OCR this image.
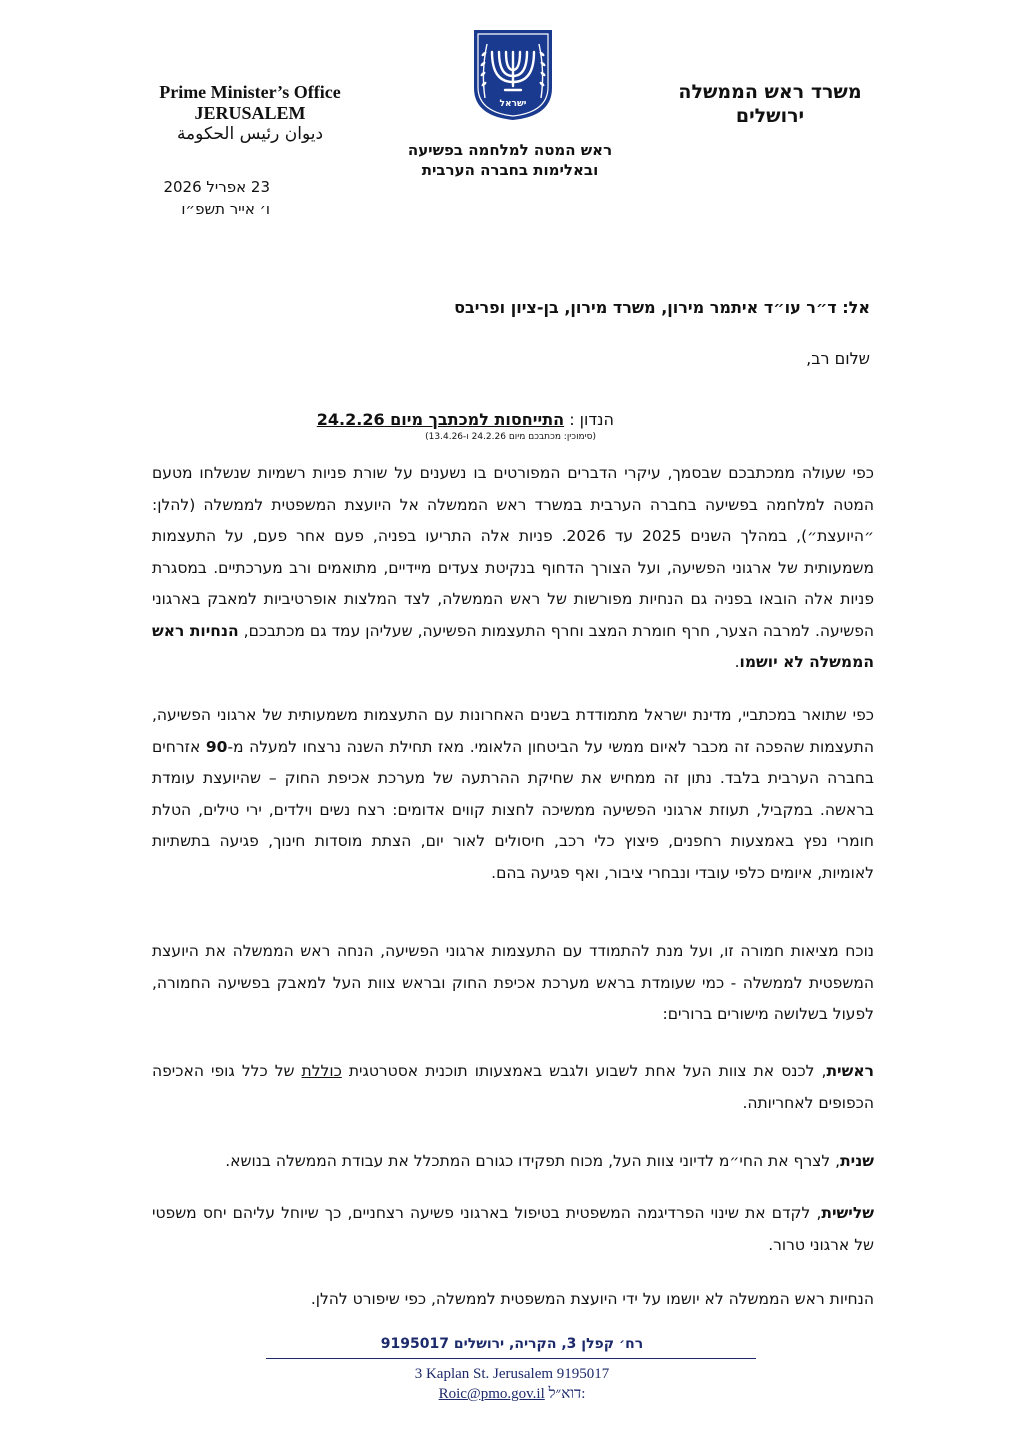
Prime Minister’s Office
JERUSALEM
ديوان رئيس الحكومة
ישראל
משרד ראש הממשלה
ירושלים
ראש המטה למלחמה בפשיעה
ובאלימות בחברה הערבית
23 אפריל 2026
ו׳ אייר תשפ״ו
אל: ד״ר עו״ד איתמר מירון, משרד מירון, בן-ציון ופריבס
שלום רב,
הנדון : התייחסות למכתבך מיום 24.2.26
(סימוכין: מכתבכם מיום 24.2.26 ו-13.4.26)

כפי שעולה ממכתבכם שבסמך, עיקרי הדברים המפורטים בו נשענים על שורת פניות רשמיות שנשלחו מטעם המטה למלחמה בפשיעה בחברה הערבית במשרד ראש הממשלה אל היועצת המשפטית לממשלה (להלן: ״היועצת״), במהלך השנים 2025 עד 2026. פניות אלה התריעו בפניה, פעם אחר פעם, על התעצמות משמעותית של ארגוני הפשיעה, ועל הצורך הדחוף בנקיטת צעדים מיידיים, מתואמים ורב מערכתיים. במסגרת פניות אלה הובאו בפניה גם הנחיות מפורשות של ראש הממשלה, לצד המלצות אופרטיביות למאבק בארגוני הפשיעה. למרבה הצער, חרף חומרת המצב וחרף התעצמות הפשיעה, שעליהן עמד גם מכתבכם, הנחיות ראש הממשלה לא יושמו.

כפי שתואר במכתביי, מדינת ישראל מתמודדת בשנים האחרונות עם התעצמות משמעותית של ארגוני הפשיעה, התעצמות שהפכה זה מכבר לאיום ממשי על הביטחון הלאומי. מאז תחילת השנה נרצחו למעלה מ-90 אזרחים בחברה הערבית בלבד. נתון זה ממחיש את שחיקת ההרתעה של מערכת אכיפת החוק – שהיועצת עומדת בראשה. במקביל, תעוזת ארגוני הפשיעה ממשיכה לחצות קווים אדומים: רצח נשים וילדים, ירי טילים, הטלת חומרי נפץ באמצעות רחפנים, פיצוץ כלי רכב, חיסולים לאור יום, הצתת מוסדות חינוך, פגיעה בתשתיות לאומיות, איומים כלפי עובדי ונבחרי ציבור, ואף פגיעה בהם.

נוכח מציאות חמורה זו, ועל מנת להתמודד עם התעצמות ארגוני הפשיעה, הנחה ראש הממשלה את היועצת המשפטית לממשלה - כמי שעומדת בראש מערכת אכיפת החוק ובראש צוות העל למאבק בפשיעה החמורה, לפעול בשלושה מישורים ברורים:

ראשית, לכנס את צוות העל אחת לשבוע ולגבש באמצעותו תוכנית אסטרטגית כוללת של כלל גופי האכיפה הכפופים לאחריותה.

שנית, לצרף את החי״מ לדיוני צוות העל, מכוח תפקידו כגורם המתכלל את עבודת הממשלה בנושא.

שלישית, לקדם את שינוי הפרדיגמה המשפטית בטיפול בארגוני פשיעה רצחניים, כך שיוחל עליהם יחס משפטי של ארגוני טרור.

הנחיות ראש הממשלה לא יושמו על ידי היועצת המשפטית לממשלה, כפי שיפורט להלן.

רח׳ קפלן 3, הקריה, ירושלים 9195017
3 Kaplan St. Jerusalem 9195017
Roic@pmo.gov.il דוא״ל:
